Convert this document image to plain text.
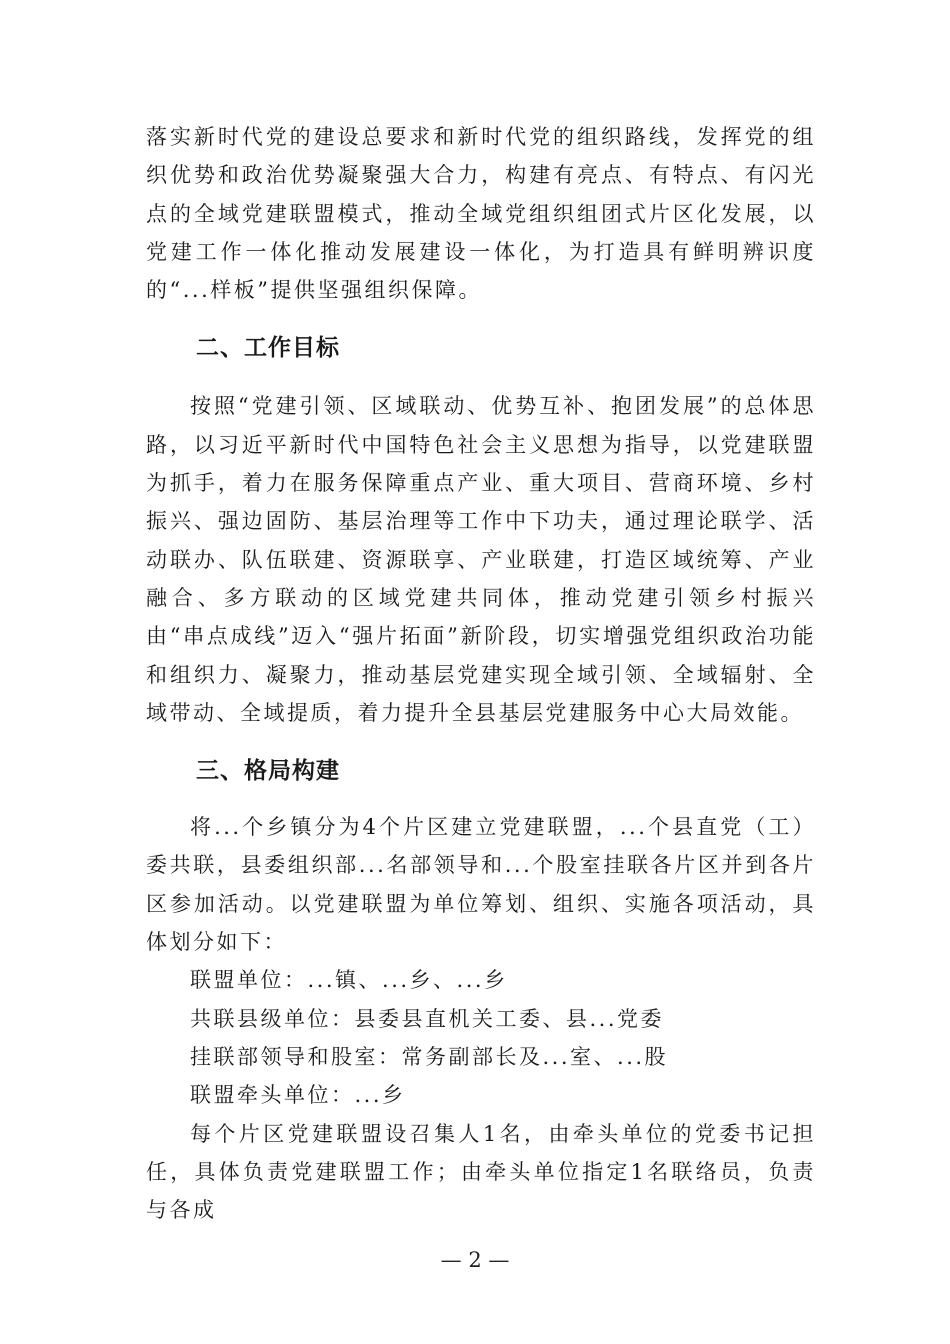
落实新时代党的建设总要求和新时代党的组织路线，发挥党的组织优势和政治优势凝聚强大合力，构建有亮点、有特点、有闪光点的全域党建联盟模式，推动全域党组织组团式片区化发展，以党建工作一体化推动发展建设一体化，为打造具有鲜明辨识度的“...样板”提供坚强组织保障。

二、工作目标

按照“党建引领、区域联动、优势互补、抱团发展”的总体思路，以习近平新时代中国特色社会主义思想为指导，以党建联盟为抓手，着力在服务保障重点产业、重大项目、营商环境、乡村振兴、强边固防、基层治理等工作中下功夫，通过理论联学、活动联办、队伍联建、资源联享、产业联建，打造区域统筹、产业融合、多方联动的区域党建共同体，推动党建引领乡村振兴由“串点成线”迈入“强片拓面”新阶段，切实增强党组织政治功能和组织力、凝聚力，推动基层党建实现全域引领、全域辐射、全域带动、全域提质，着力提升全县基层党建服务中心大局效能。

三、格局构建

将...个乡镇分为4个片区建立党建联盟，...个县直党（工）委共联，县委组织部...名部领导和...个股室挂联各片区并到各片区参加活动。以党建联盟为单位筹划、组织、实施各项活动，具体划分如下：

联盟单位：...镇、...乡、...乡

共联县级单位：县委县直机关工委、县...党委

挂联部领导和股室：常务副部长及...室、...股

联盟牵头单位：...乡

每个片区党建联盟设召集人1名，由牵头单位的党委书记担任，具体负责党建联盟工作；由牵头单位指定1名联络员，负责与各成

— 2 —
